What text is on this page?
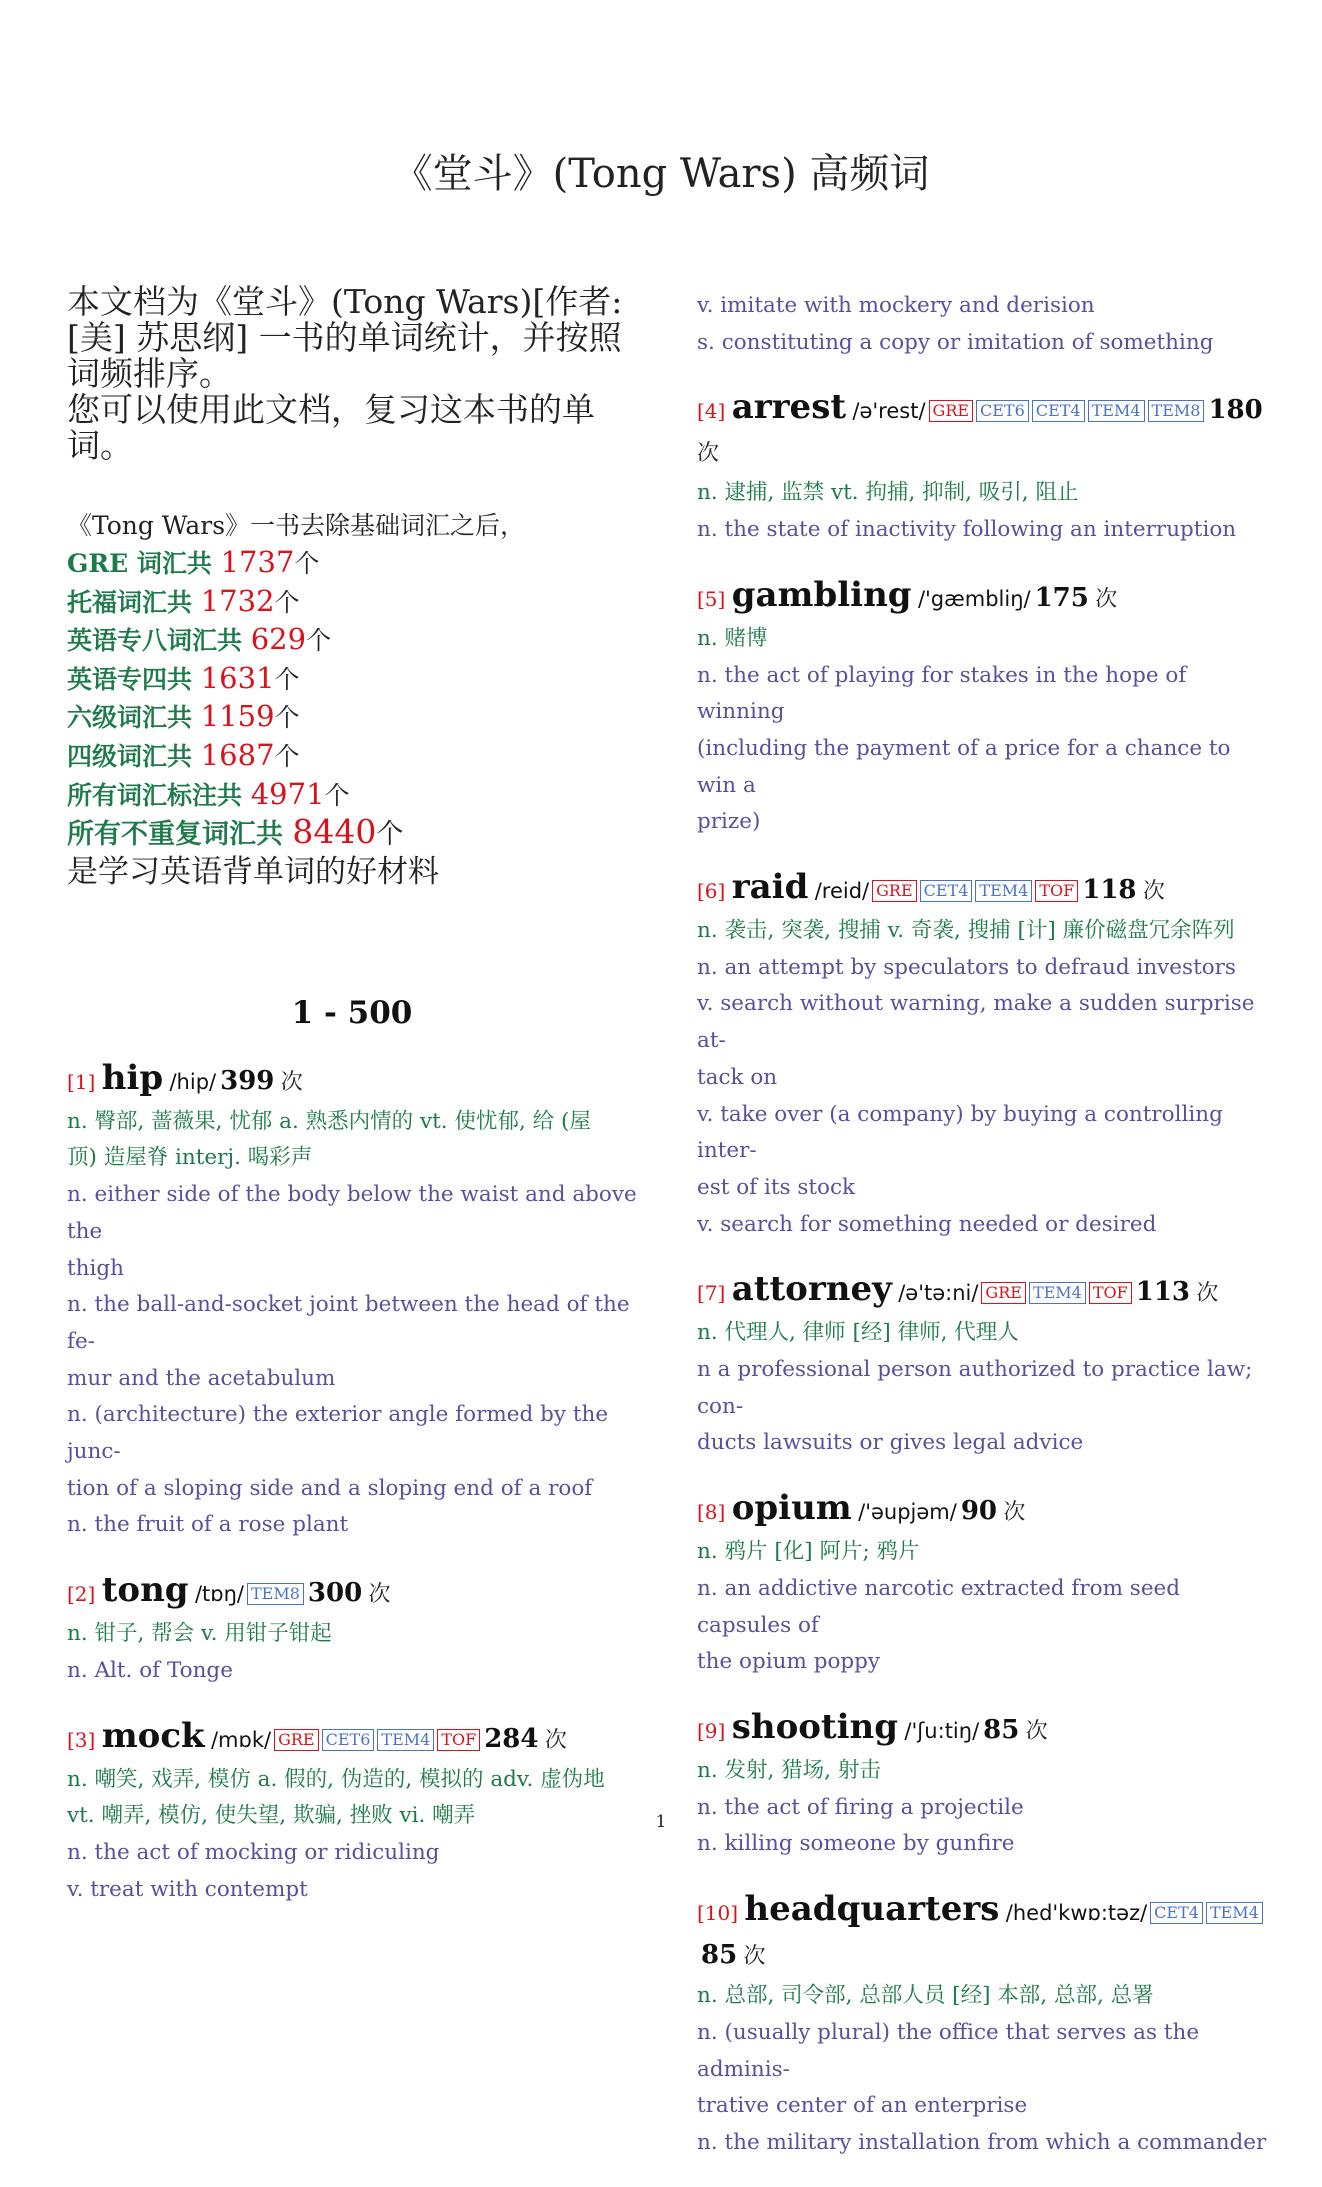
《堂斗》(Tong Wars) 高频词

本文档为《堂斗》(Tong Wars)[作者:

[美] 苏思纲] 一书的单词统计，并按照

词频排序。

您可以使用此文档，复习这本书的单

词。

《Tong Wars》一书去除基础词汇之后，
GRE 词汇共 1737个
托福词汇共 1732个
英语专八词汇共 629个
英语专四共 1631个
六级词汇共 1159个
四级词汇共 1687个
所有词汇标注共 4971个
所有不重复词汇共 8440个
是学习英语背单词的好材料
1 - 500
[1] hip /hip/ 399 次

n. 臀部, 蔷薇果, 忧郁 a. 熟悉内情的 vt. 使忧郁, 给 (屋

顶) 造屋脊 interj. 喝彩声

n. either side of the body below the waist and above the

thigh

n. the ball-and-socket joint between the head of the fe-

mur and the acetabulum

n. (architecture) the exterior angle formed by the junc-

tion of a sloping side and a sloping end of a roof

n. the fruit of a rose plant

[2] tong /tɒŋ/ TEM8 300 次

n. 钳子, 帮会 v. 用钳子钳起

n. Alt. of Tonge

[3] mock /mɒk/ GRE CET6 TEM4 TOF 284 次

n. 嘲笑, 戏弄, 模仿 a. 假的, 伪造的, 模拟的 adv. 虚伪地

vt. 嘲弄, 模仿, 使失望, 欺骗, 挫败 vi. 嘲弄

n. the act of mocking or ridiculing

v. treat with contempt

v. imitate with mockery and derision

s. constituting a copy or imitation of something

[4] arrest /ə'rest/ GRE CET6 CET4 TEM4 TEM8 180 次

n. 逮捕, 监禁 vt. 拘捕, 抑制, 吸引, 阻止

n. the state of inactivity following an interruption

[5] gambling /'gæmbliŋ/ 175 次

n. 赌博

n. the act of playing for stakes in the hope of winning

(including the payment of a price for a chance to win a

prize)

[6] raid /reid/ GRE CET4 TEM4 TOF 118 次

n. 袭击, 突袭, 搜捕 v. 奇袭, 搜捕 [计] 廉价磁盘冗余阵列

n. an attempt by speculators to defraud investors

v. search without warning, make a sudden surprise at-

tack on

v. take over (a company) by buying a controlling inter-

est of its stock

v. search for something needed or desired

[7] attorney /ə'tə:ni/ GRE TEM4 TOF 113 次

n. 代理人, 律师 [经] 律师, 代理人

n a professional person authorized to practice law; con-

ducts lawsuits or gives legal advice

[8] opium /'əupjəm/ 90 次

n. 鸦片 [化] 阿片; 鸦片

n. an addictive narcotic extracted from seed capsules of

the opium poppy

[9] shooting /'ʃu:tiŋ/ 85 次

n. 发射, 猎场, 射击

n. the act of firing a projectile

n. killing someone by gunfire

[10] headquarters /hed'kwɒ:təz/ CET4 TEM485 次

n. 总部, 司令部, 总部人员 [经] 本部, 总部, 总署

n. (usually plural) the office that serves as the adminis-

trative center of an enterprise

n. the military installation from which a commander

1
